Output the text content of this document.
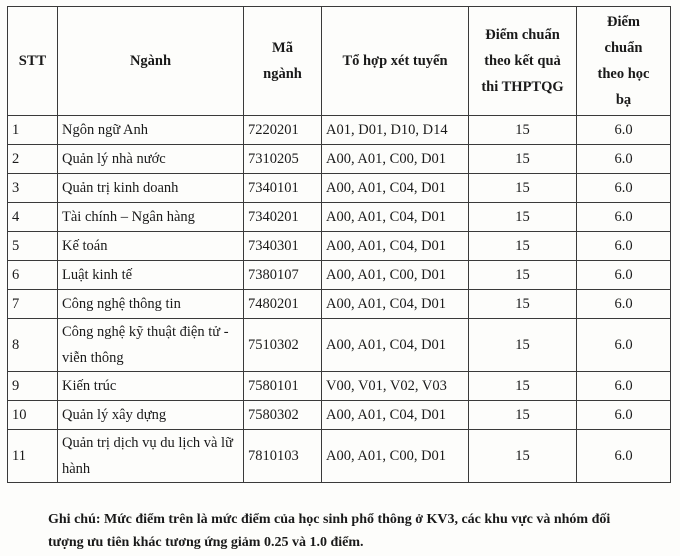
STT	Ngành	Mã ngành	Tổ hợp xét tuyển	Điểm chuẩn theo kết quả thi THPTQG	Điểm chuẩn theo học bạ
1	Ngôn ngữ Anh	7220201	A01, D01, D10, D14	15	6.0
2	Quản lý nhà nước	7310205	A00, A01, C00, D01	15	6.0
3	Quản trị kinh doanh	7340101	A00, A01, C04, D01	15	6.0
4	Tài chính – Ngân hàng	7340201	A00, A01, C04, D01	15	6.0
5	Kế toán	7340301	A00, A01, C04, D01	15	6.0
6	Luật kinh tế	7380107	A00, A01, C00, D01	15	6.0
7	Công nghệ thông tin	7480201	A00, A01, C04, D01	15	6.0
8	Công nghệ kỹ thuật điện tử - viễn thông	7510302	A00, A01, C04, D01	15	6.0
9	Kiến trúc	7580101	V00, V01, V02, V03	15	6.0
10	Quản lý xây dựng	7580302	A00, A01, C04, D01	15	6.0
11	Quản trị dịch vụ du lịch và lữ hành	7810103	A00, A01, C00, D01	15	6.0
Ghi chú: Mức điểm trên là mức điểm của học sinh phổ thông ở KV3, các khu vực và nhóm đối tượng ưu tiên khác tương ứng giảm 0.25 và 1.0 điểm.
